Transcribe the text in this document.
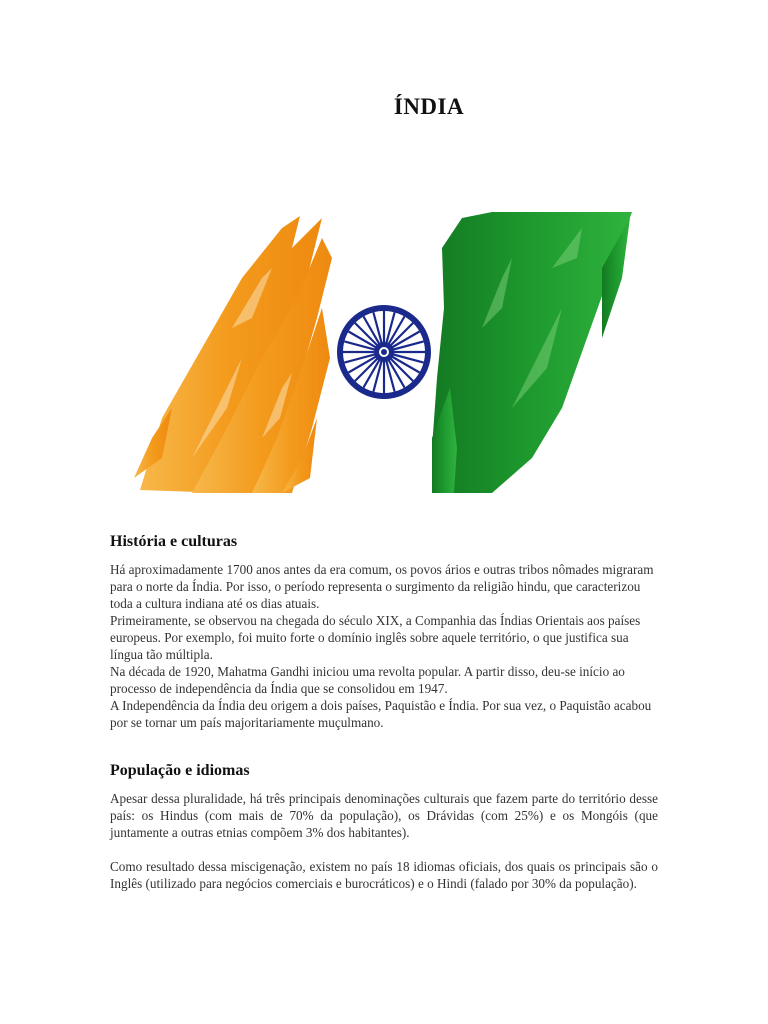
ÍNDIA
História e culturas

Há aproximadamente 1700 anos antes da era comum, os povos ários e outras tribos nômades migraram para o norte da Índia. Por isso, o período representa o surgimento da religião hindu, que caracterizou toda a cultura indiana até os dias atuais.

Primeiramente, se observou na chegada do século XIX, a Companhia das Índias Orientais aos países europeus. Por exemplo, foi muito forte o domínio inglês sobre aquele território, o que justifica sua língua tão múltipla.

Na década de 1920, Mahatma Gandhi iniciou uma revolta popular. A partir disso, deu-se início ao processo de independência da Índia que se consolidou em 1947.

A Independência da Índia deu origem a dois países, Paquistão e Índia. Por sua vez, o Paquistão acabou por se tornar um país majoritariamente muçulmano.

População e idiomas

Apesar dessa pluralidade, há três principais denominações culturais que fazem parte do território desse país: os Hindus (com mais de 70% da população), os Drávidas (com 25%) e os Mongóis (que juntamente a outras etnias compõem 3% dos habitantes).

Como resultado dessa miscigenação, existem no país 18 idiomas oficiais, dos quais os principais são o Inglês (utilizado para negócios comerciais e burocráticos) e o Hindi (falado por 30% da população).
